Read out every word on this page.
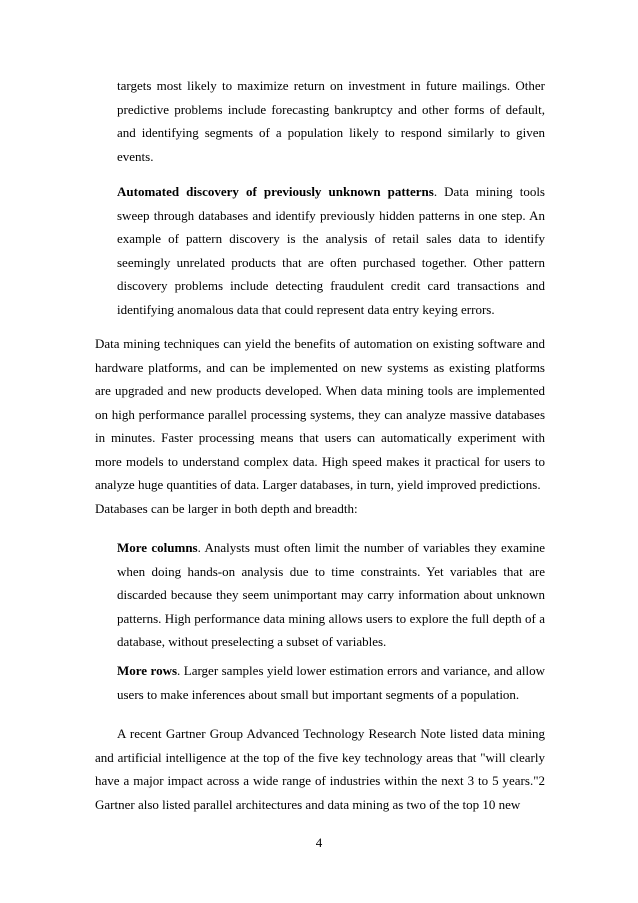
targets most likely to maximize return on investment in future mailings. Other predictive problems include forecasting bankruptcy and other forms of default, and identifying segments of a population likely to respond similarly to given events.

Automated discovery of previously unknown patterns. Data mining tools sweep through databases and identify previously hidden patterns in one step. An example of pattern discovery is the analysis of retail sales data to identify seemingly unrelated products that are often purchased together. Other pattern discovery problems include detecting fraudulent credit card transactions and identifying anomalous data that could represent data entry keying errors.

Data mining techniques can yield the benefits of automation on existing software and hardware platforms, and can be implemented on new systems as existing platforms are upgraded and new products developed. When data mining tools are implemented on high performance parallel processing systems, they can analyze massive databases in minutes. Faster processing means that users can automatically experiment with more models to understand complex data. High speed makes it practical for users to analyze huge quantities of data. Larger databases, in turn, yield improved predictions.

Databases can be larger in both depth and breadth:

More columns. Analysts must often limit the number of variables they examine when doing hands-on analysis due to time constraints. Yet variables that are discarded because they seem unimportant may carry information about unknown patterns. High performance data mining allows users to explore the full depth of a database, without preselecting a subset of variables.

More rows. Larger samples yield lower estimation errors and variance, and allow users to make inferences about small but important segments of a population.

A recent Gartner Group Advanced Technology Research Note listed data mining and artificial intelligence at the top of the five key technology areas that "will clearly have a major impact across a wide range of industries within the next 3 to 5 years."2 Gartner also listed parallel architectures and data mining as two of the top 10 new

4
